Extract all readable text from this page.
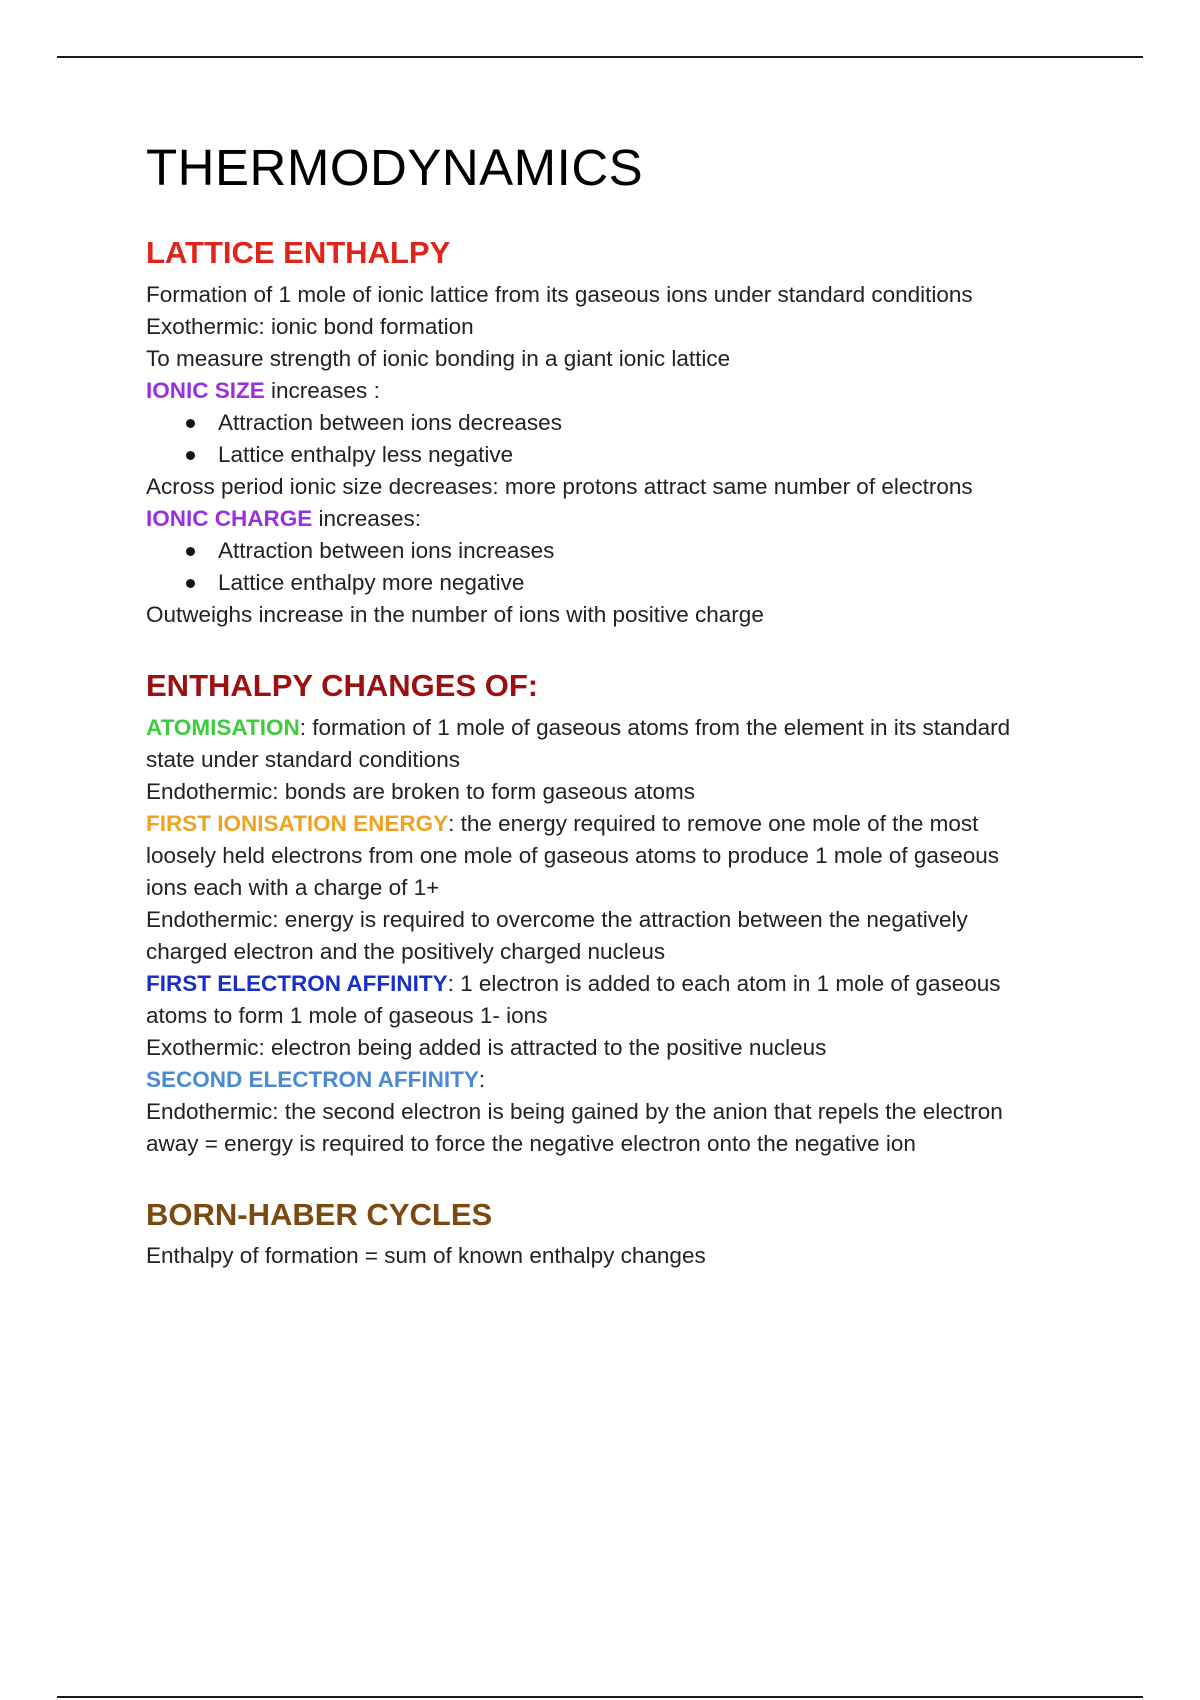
THERMODYNAMICS
LATTICE ENTHALPY

Formation of 1 mole of ionic lattice from its gaseous ions under standard conditions

Exothermic: ionic bond formation

To measure strength of ionic bonding in a giant ionic lattice

IONIC SIZE increases :

Attraction between ions decreases
Lattice enthalpy less negative

Across period ionic size decreases: more protons attract same number of electrons

IONIC CHARGE increases:

Attraction between ions increases
Lattice enthalpy more negative

Outweighs increase in the number of ions with positive charge

ENTHALPY CHANGES OF:

ATOMISATION: formation of 1 mole of gaseous atoms from the element in its standard

state under standard conditions

Endothermic: bonds are broken to form gaseous atoms

FIRST IONISATION ENERGY: the energy required to remove one mole of the most

loosely held electrons from one mole of gaseous atoms to produce 1 mole of gaseous

ions each with a charge of 1+

Endothermic: energy is required to overcome the attraction between the negatively

charged electron and the positively charged nucleus

FIRST ELECTRON AFFINITY: 1 electron is added to each atom in 1 mole of gaseous

atoms to form 1 mole of gaseous 1- ions

Exothermic: electron being added is attracted to the positive nucleus

SECOND ELECTRON AFFINITY:

Endothermic: the second electron is being gained by the anion that repels the electron

away = energy is required to force the negative electron onto the negative ion

BORN-HABER CYCLES

Enthalpy of formation = sum of known enthalpy changes
